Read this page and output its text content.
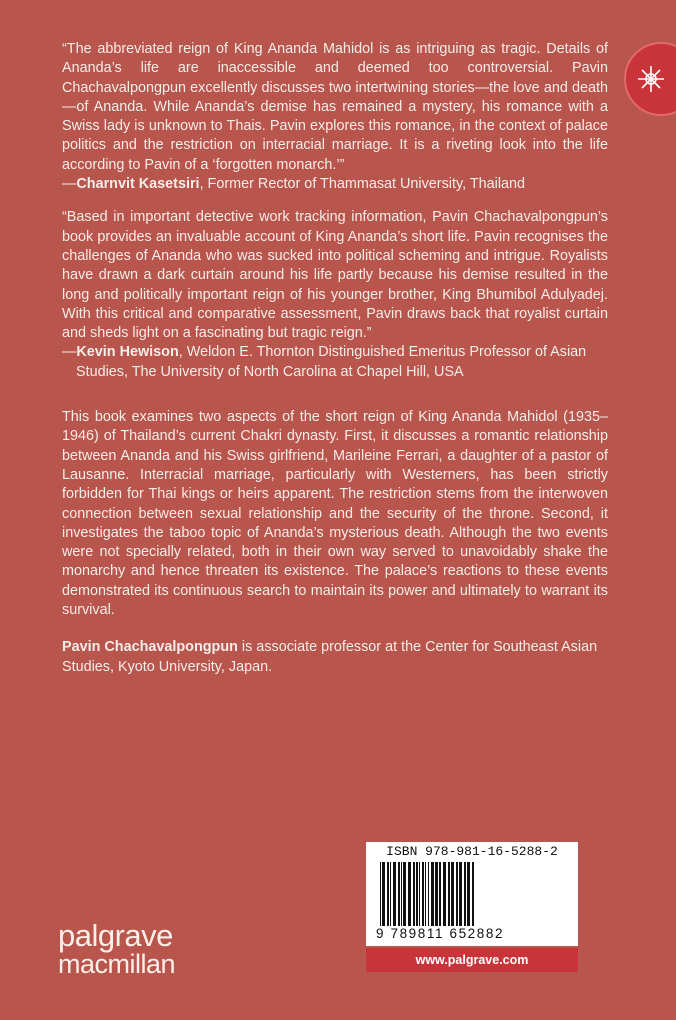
“The abbreviated reign of King Ananda Mahidol is as intriguing as tragic. Details of Ananda’s life are inaccessible and deemed too controversial. Pavin Chachavalpongpun excellently discusses two intertwining stories—the love and death—of Ananda. While Ananda’s demise has remained a mystery, his romance with a Swiss lady is unknown to Thais. Pavin explores this romance, in the context of palace politics and the restriction on interracial marriage. It is a riveting look into the life according to Pavin of a ‘forgotten monarch.’”

—Charnvit Kasetsiri, Former Rector of Thammasat University, Thailand

“Based in important detective work tracking information, Pavin Chachavalpongpun’s book provides an invaluable account of King Ananda’s short life. Pavin recognises the challenges of Ananda who was sucked into political scheming and intrigue. Royalists have drawn a dark curtain around his life partly because his demise resulted in the long and politically important reign of his younger brother, King Bhumibol Adulyadej. With this critical and comparative assessment, Pavin draws back that royalist curtain and sheds light on a fascinating but tragic reign.”

—Kevin Hewison, Weldon E. Thornton Distinguished Emeritus Professor of Asian Studies, The University of North Carolina at Chapel Hill, USA

This book examines two aspects of the short reign of King Ananda Mahidol (1935–1946) of Thailand’s current Chakri dynasty. First, it discusses a romantic relationship between Ananda and his Swiss girlfriend, Marileine Ferrari, a daughter of a pastor of Lausanne. Interracial marriage, particularly with Westerners, has been strictly forbidden for Thai kings or heirs apparent. The restriction stems from the interwoven connection between sexual relationship and the security of the throne. Second, it investigates the taboo topic of Ananda’s mysterious death. Although the two events were not specially related, both in their own way served to unavoidably shake the monarchy and hence threaten its existence. The palace’s reactions to these events demonstrated its continuous search to maintain its power and ultimately to warrant its survival.

Pavin Chachavalpongpun is associate professor at the Center for Southeast Asian Studies, Kyoto University, Japan.

palgrave
macmillan
ISBN 978-981-16-5288-2
9 789811 652882
www.palgrave.com
